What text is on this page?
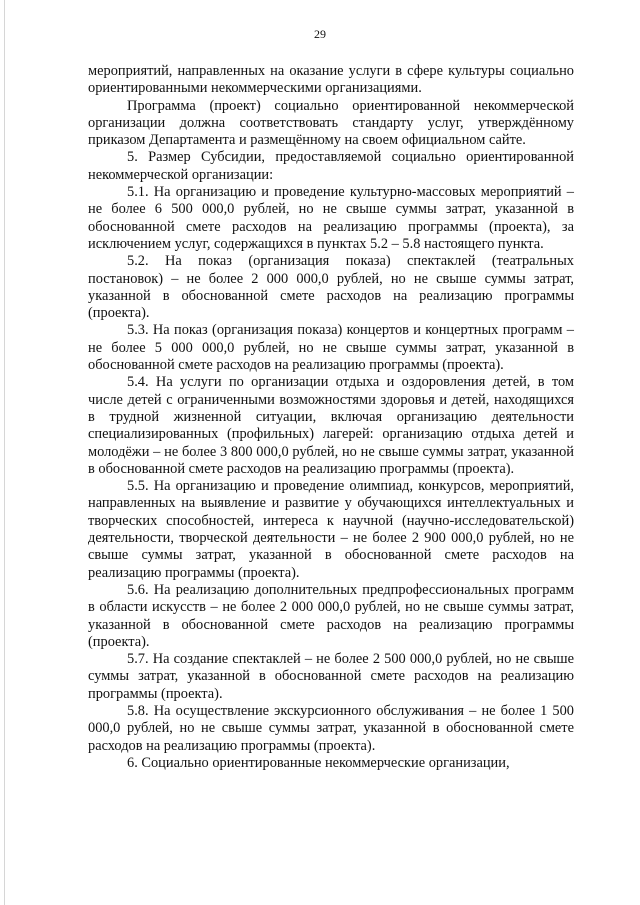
29

мероприятий, направленных на оказание услуги в сфере культуры социально ориентированными некоммерческими организациями.

Программа (проект) социально ориентированной некоммерческой организации должна соответствовать стандарту услуг, утверждённому приказом Департамента и размещённому на своем официальном сайте.

5. Размер Субсидии, предоставляемой социально ориентированной некоммерческой организации:

5.1. На организацию и проведение культурно-массовых мероприятий – не более 6 500 000,0 рублей, но не свыше суммы затрат, указанной в обоснованной смете расходов на реализацию программы (проекта), за исключением услуг, содержащихся в пунктах 5.2 – 5.8 настоящего пункта.

5.2. На показ (организация показа) спектаклей (театральных постановок) – не более 2 000 000,0 рублей, но не свыше суммы затрат, указанной в обоснованной смете расходов на реализацию программы (проекта).

5.3. На показ (организация показа) концертов и концертных программ – не более 5 000 000,0 рублей, но не свыше суммы затрат, указанной в обоснованной смете расходов на реализацию программы (проекта).

5.4. На услуги по организации отдыха и оздоровления детей, в том числе детей с ограниченными возможностями здоровья и детей, находящихся в трудной жизненной ситуации, включая организацию деятельности специализированных (профильных) лагерей: организацию отдыха детей и молодёжи – не более 3 800 000,0 рублей, но не свыше суммы затрат, указанной в обоснованной смете расходов на реализацию программы (проекта).

5.5. На организацию и проведение олимпиад, конкурсов, мероприятий, направленных на выявление и развитие у обучающихся интеллектуальных и творческих способностей, интереса к научной (научно-исследовательской) деятельности, творческой деятельности – не более 2 900 000,0 рублей, но не свыше суммы затрат, указанной в обоснованной смете расходов на реализацию программы (проекта).

5.6. На реализацию дополнительных предпрофессиональных программ в области искусств – не более 2 000 000,0 рублей, но не свыше суммы затрат, указанной в обоснованной смете расходов на реализацию программы (проекта).

5.7. На создание спектаклей – не более 2 500 000,0 рублей, но не свыше суммы затрат, указанной в обоснованной смете расходов на реализацию программы (проекта).

5.8. На осуществление экскурсионного обслуживания – не более 1 500 000,0 рублей, но не свыше суммы затрат, указанной в обоснованной смете расходов на реализацию программы (проекта).

6. Социально ориентированные некоммерческие организации,
